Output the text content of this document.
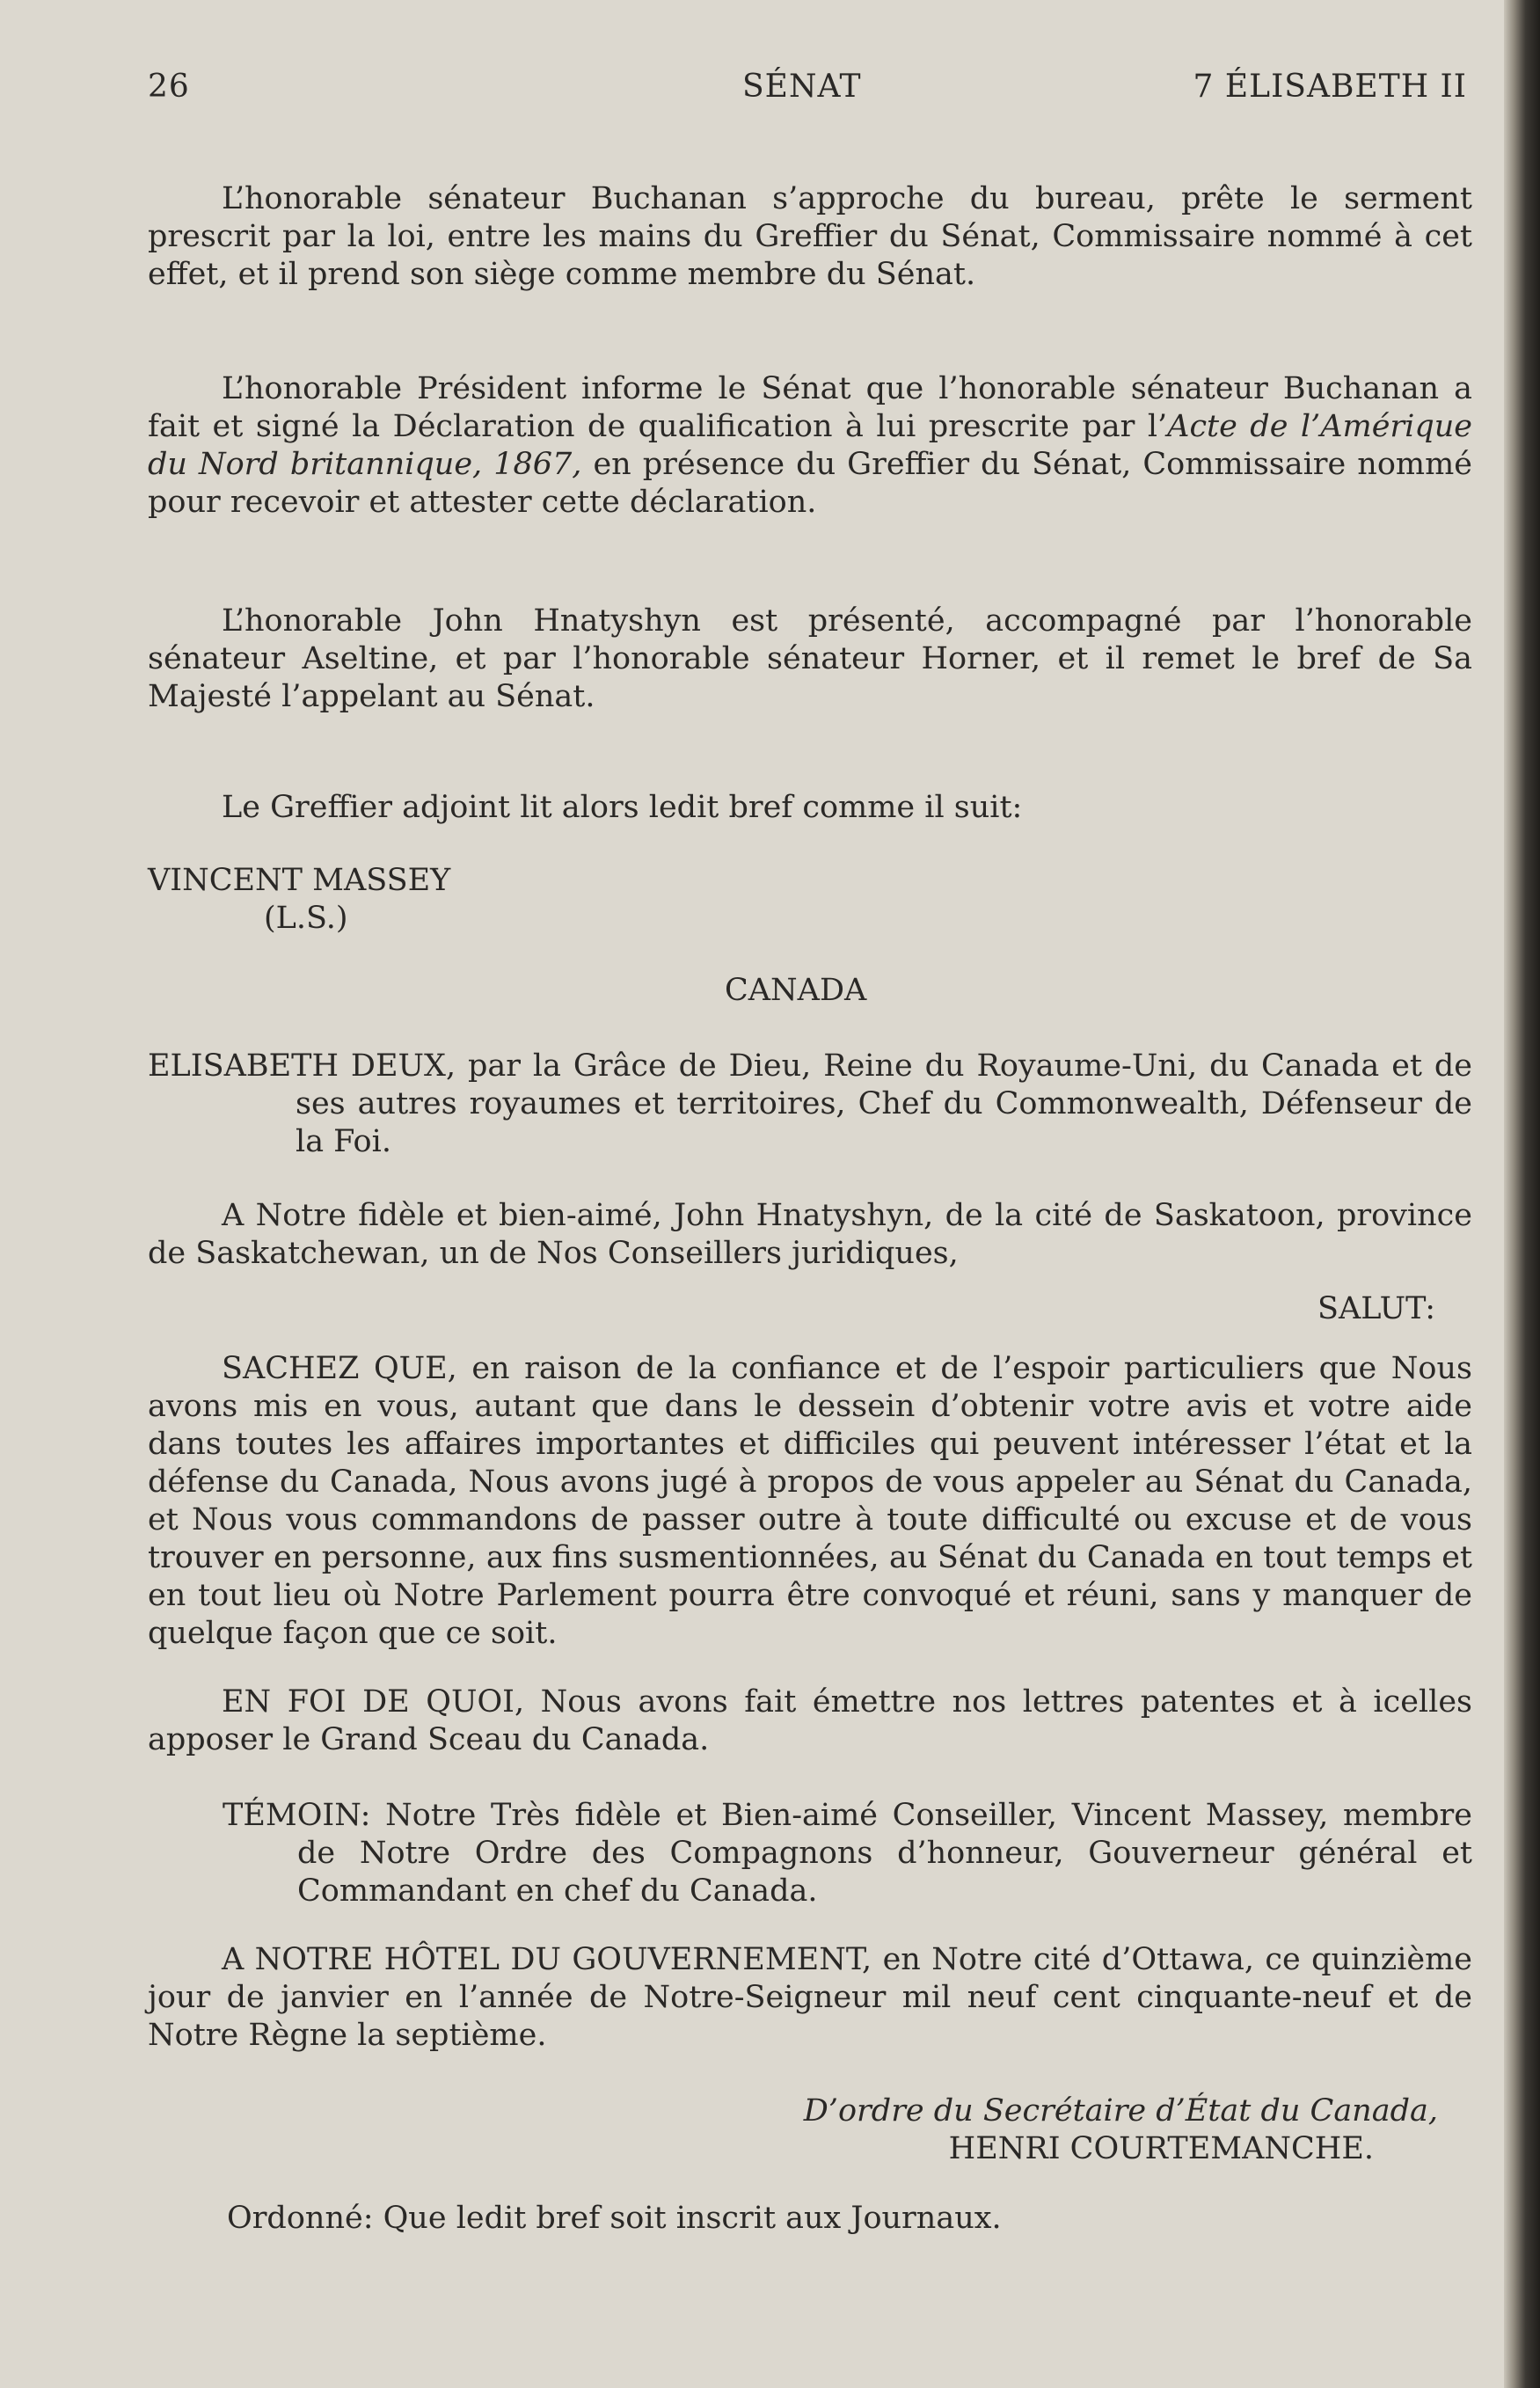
26	SÉNAT	7 ÉLISABETH II

L’honorable sénateur Buchanan s’approche du bureau, prête le serment prescrit par la loi, entre les mains du Greffier du Sénat, Commissaire nommé à cet effet, et il prend son siège comme membre du Sénat.

L’honorable Président informe le Sénat que l’honorable sénateur Buchanan a fait et signé la Déclaration de qualification à lui prescrite par l’Acte de l’Amérique du Nord britannique, 1867, en présence du Greffier du Sénat, Commissaire nommé pour recevoir et attester cette déclaration.

L’honorable John Hnatyshyn est présenté, accompagné par l’honorable sénateur Aseltine, et par l’honorable sénateur Horner, et il remet le bref de Sa Majesté l’appelant au Sénat.

Le Greffier adjoint lit alors ledit bref comme il suit:

VINCENT MASSEY
(L.S.)
CANADA

ELISABETH DEUX, par la Grâce de Dieu, Reine du Royaume-Uni, du Canada et de ses autres royaumes et territoires, Chef du Commonwealth, Défenseur de la Foi.

A Notre fidèle et bien-aimé, John Hnatyshyn, de la cité de Saskatoon, province de Saskatchewan, un de Nos Conseillers juridiques,

SALUT:

SACHEZ QUE, en raison de la confiance et de l’espoir particuliers que Nous avons mis en vous, autant que dans le dessein d’obtenir votre avis et votre aide dans toutes les affaires importantes et difficiles qui peuvent intéresser l’état et la défense du Canada, Nous avons jugé à propos de vous appeler au Sénat du Canada, et Nous vous commandons de passer outre à toute difficulté ou excuse et de vous trouver en personne, aux fins susmentionnées, au Sénat du Canada en tout temps et en tout lieu où Notre Parlement pourra être convoqué et réuni, sans y manquer de quelque façon que ce soit.

EN FOI DE QUOI, Nous avons fait émettre nos lettres patentes et à icelles apposer le Grand Sceau du Canada.

TÉMOIN: Notre Très fidèle et Bien-aimé Conseiller, Vincent Massey, membre de Notre Ordre des Compagnons d’honneur, Gouverneur général et Commandant en chef du Canada.

A NOTRE HÔTEL DU GOUVERNEMENT, en Notre cité d’Ottawa, ce quinzième jour de janvier en l’année de Notre-Seigneur mil neuf cent cinquante-neuf et de Notre Règne la septième.

D’ordre du Secrétaire d’État du Canada,
HENRI COURTEMANCHE.
Ordonné: Que ledit bref soit inscrit aux Journaux.
